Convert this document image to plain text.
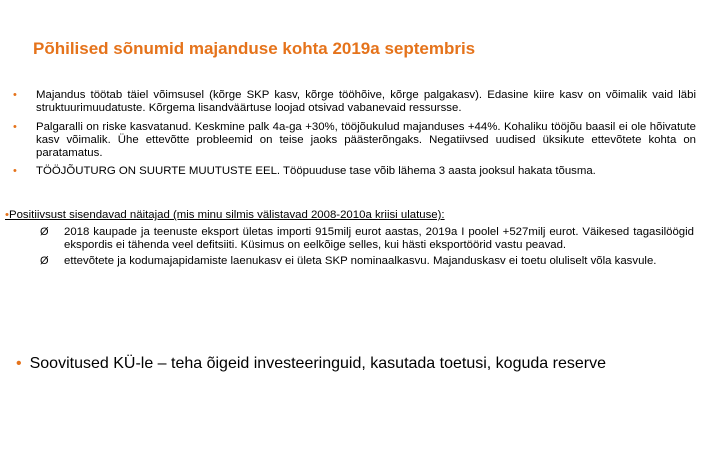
Põhilised sõnumid majanduse kohta 2019a septembris
• Majandus töötab täiel võimsusel (kõrge SKP kasv, kõrge tööhõive, kõrge palgakasv). Edasine kiire kasv on võimalik vaid läbi struktuurimuudatuste. Kõrgema lisandväärtuse loojad otsivad vabanevaid ressursse.
• Palgaralli on riske kasvatanud. Keskmine palk 4a-ga +30%, tööjõukulud majanduses +44%. Kohaliku tööjõu baasil ei ole hõivatute kasv võimalik. Ühe ettevõtte probleemid on teise jaoks päästerõngaks. Negatiivsed uudised üksikute ettevõtete kohta on paratamatus.
• TÖÖJÕUTURG ON SUURTE MUUTUSTE EEL. Tööpuuduse tase võib lähema 3 aasta jooksul hakata tõusma.
•Positiivsust sisendavad näitajad (mis minu silmis välistavad 2008-2010a kriisi ulatuse):
Ø 2018 kaupade ja teenuste eksport ületas importi 915milj eurot aastas, 2019a I poolel +527milj eurot. Väikesed tagasilöögid ekspordis ei tähenda veel defitsiiti. Küsimus on eelkõige selles, kui hästi eksportöörid vastu peavad.
Ø ettevõtete ja kodumajapidamiste laenukasv ei ületa SKP nominaalkasvu. Majanduskasv ei toetu oluliselt võla kasvule.
• Soovitused KÜ-le – teha õigeid investeeringuid, kasutada toetusi, koguda reserve
